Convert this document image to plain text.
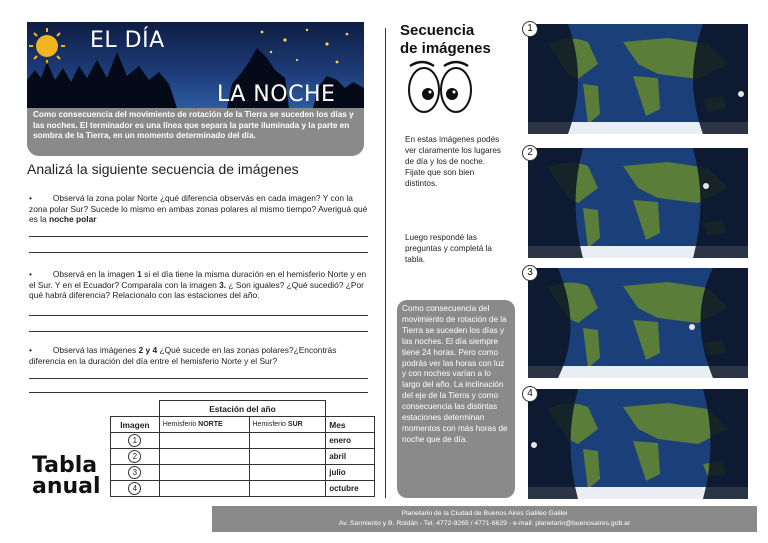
EL DÍA
LA NOCHE
Como consecuencia del movimiento de rotación de la Tierra se suceden los días y las noches. El terminador es una línea que separa la parte iluminada y la parte en sombra de la Tierra, en un momento determinado del día.
Analizá la siguiente secuencia de imágenes
•         Observá la zona polar Norte ¿qué diferencia observás en cada imagen? Y con la zona polar Sur? Sucede lo mismo en ambas zonas polares al mismo tiempo? Averiguá qué es la noche polar
•         Observá en la imagen 1 si el día tiene la misma duración en el hemisferio Norte y en el Sur. Y en el Ecuador? Comparala con la imagen 3. ¿ Son iguales? ¿Qué sucedió? ¿Por qué habrá diferencia? Relacionalo con las estaciones del año.
•         Observá las imágenes 2 y 4 ¿Qué sucede en las zonas polares?¿Encontrás diferencia en la duración del día entre el hemisferio Norte y el Sur?
Tabla
anual
	Estación del año		
Imagen	Hemisferio NORTE	Hemisferio SUR	Mes
1			enero
2			abril
3			julio
4			octubre
Secuencia
de imágenes
En estas imágenes podés ver claramente los lugares de día y los de noche. Fijate que son bien distintos.
Luego respondé las preguntas y completá la tabla.
Como consecuencia del movimiento de rotación de la Tierra se suceden los días y las noches. El día siempre tiene 24 horas. Pero como podrás ver las horas con luz y con noches varían a lo largo del año. La inclinación del eje de la Tierra y como consecuencia las distintas estaciones determinan momentos con más horas de noche que de día.
1
2
3
4
Planetario de la Ciudad de Buenos Aires Galileo Galilei
Av. Sarmiento y B. Roldán - Tel. 4772-9265 / 4771-6629 - e-mail: planetario@buenosaires.gob.ar
